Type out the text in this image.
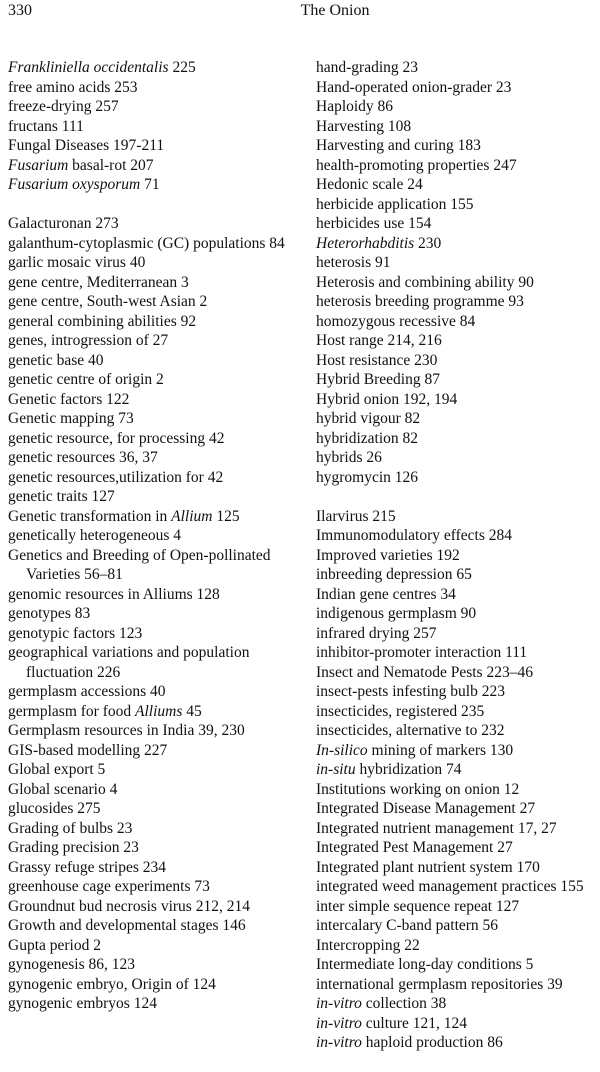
330	The Onion
Frankliniella occidentalis 225
free amino acids 253
freeze-drying 257
fructans 111
Fungal Diseases 197-211
Fusarium basal-rot 207
Fusarium oxysporum 71
Galacturonan 273
galanthum-cytoplasmic (GC) populations 84
garlic mosaic virus 40
gene centre, Mediterranean 3
gene centre, South-west Asian 2
general combining abilities 92
genes, introgression of 27
genetic base 40
genetic centre of origin 2
Genetic factors 122
Genetic mapping 73
genetic resource, for processing 42
genetic resources 36, 37
genetic resources,utilization for 42
genetic traits 127
Genetic transformation in Allium 125
genetically heterogeneous 4
Genetics and Breeding of Open-pollinated Varieties 56–81
genomic resources in Alliums 128
genotypes 83
genotypic factors 123
geographical variations and population fluctuation 226
germplasm accessions 40
germplasm for food Alliums 45
Germplasm resources in India 39, 230
GIS-based modelling 227
Global export 5
Global scenario 4
glucosides 275
Grading of bulbs 23
Grading precision 23
Grassy refuge stripes 234
greenhouse cage experiments 73
Groundnut bud necrosis virus 212, 214
Growth and developmental stages 146
Gupta period 2
gynogenesis 86, 123
gynogenic embryo, Origin of 124
gynogenic embryos 124
hand-grading 23
Hand-operated onion-grader 23
Haploidy 86
Harvesting 108
Harvesting and curing 183
health-promoting properties 247
Hedonic scale 24
herbicide application 155
herbicides use 154
Heterorhabditis 230
heterosis 91
Heterosis and combining ability 90
heterosis breeding programme 93
homozygous recessive 84
Host range 214, 216
Host resistance 230
Hybrid Breeding 87
Hybrid onion 192, 194
hybrid vigour 82
hybridization 82
hybrids 26
hygromycin 126
Ilarvirus 215
Immunomodulatory effects 284
Improved varieties 192
inbreeding depression 65
Indian gene centres 34
indigenous germplasm 90
infrared drying 257
inhibitor-promoter interaction 111
Insect and Nematode Pests 223–46
insect-pests infesting bulb 223
insecticides, registered 235
insecticides, alternative to 232
In-silico mining of markers 130
in-situ hybridization 74
Institutions working on onion 12
Integrated Disease Management 27
Integrated nutrient management 17, 27
Integrated Pest Management 27
Integrated plant nutrient system 170
integrated weed management practices 155
inter simple sequence repeat 127
intercalary C-band pattern 56
Intercropping 22
Intermediate long-day conditions 5
international germplasm repositories 39
in-vitro collection 38
in-vitro culture 121, 124
in-vitro haploid production 86
